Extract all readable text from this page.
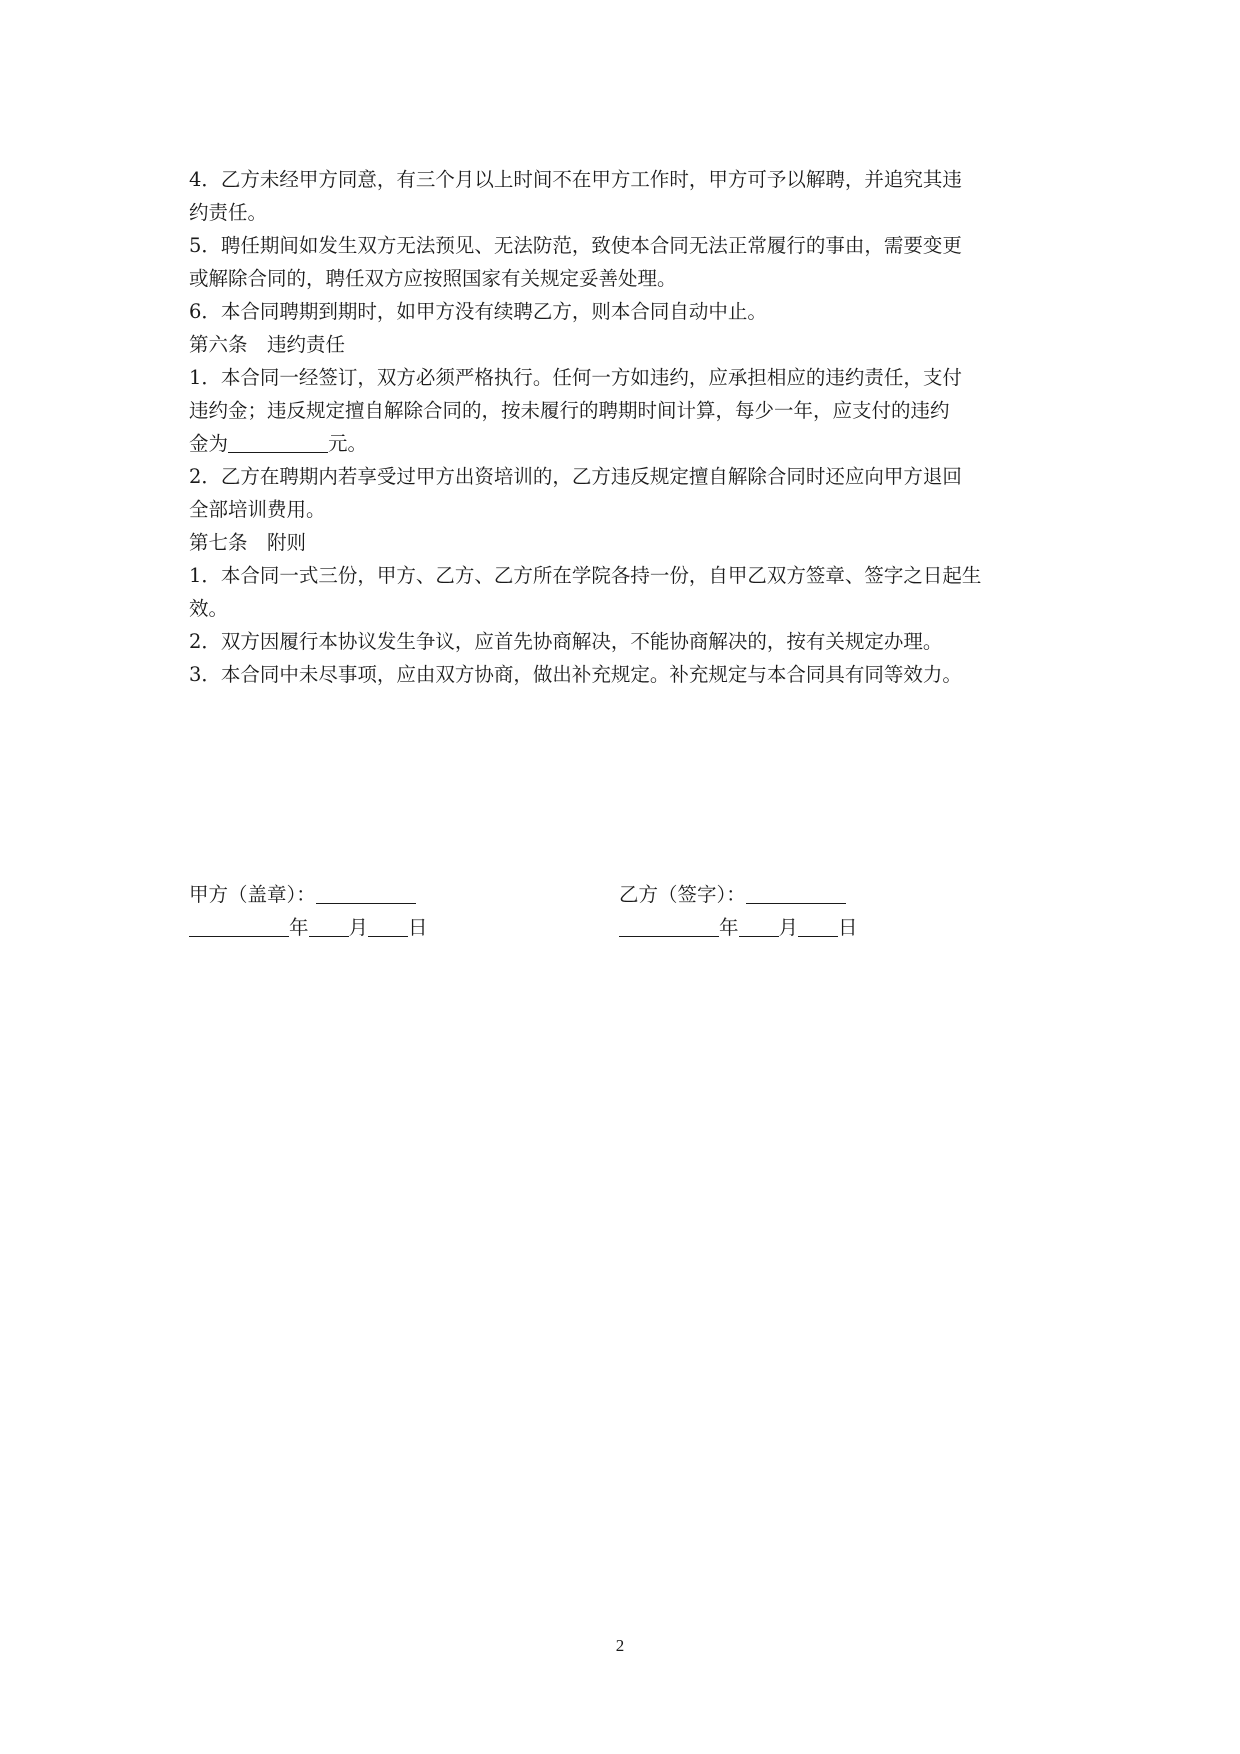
4．乙方未经甲方同意，有三个月以上时间不在甲方工作时，甲方可予以解聘，并追究其违
约责任。
5．聘任期间如发生双方无法预见、无法防范，致使本合同无法正常履行的事由，需要变更
或解除合同的，聘任双方应按照国家有关规定妥善处理。
6．本合同聘期到期时，如甲方没有续聘乙方，则本合同自动中止。
第六条　违约责任
1．本合同一经签订，双方必须严格执行。任何一方如违约，应承担相应的违约责任，支付
违约金；违反规定擅自解除合同的，按未履行的聘期时间计算，每少一年，应支付的违约
金为	元。
2．乙方在聘期内若享受过甲方出资培训的，乙方违反规定擅自解除合同时还应向甲方退回
全部培训费用。
第七条　附则
1．本合同一式三份，甲方、乙方、乙方所在学院各持一份，自甲乙双方签章、签字之日起生
效。
2．双方因履行本协议发生争议，应首先协商解决，不能协商解决的，按有关规定办理。
3．本合同中未尽事项，应由双方协商，做出补充规定。补充规定与本合同具有同等效力。
甲方（盖章）：
年 月 日
乙方（签字）：
年 月 日
2
